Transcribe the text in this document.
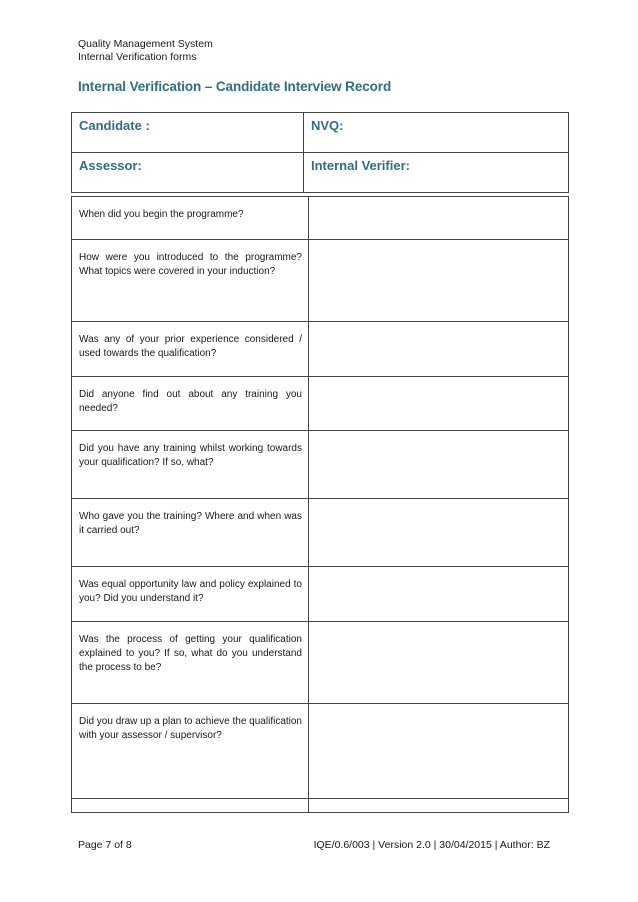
Quality Management System
Internal Verification forms
Internal Verification – Candidate Interview Record
Candidate :	NVQ:
Assessor:	Internal Verifier:
When did you begin the programme?	
How were you introduced to the programme? What topics were covered in your induction?	
Was any of your prior experience considered / used towards the qualification?	
Did anyone find out about any training you needed?	
Did you have any training whilst working towards your qualification? If so, what?	
Who gave you the training? Where and when was it carried out?	
Was equal opportunity law and policy explained to you? Did you understand it?	
Was the process of getting your qualification explained to you? If so, what do you understand the process to be?	
Did you draw up a plan to achieve the qualification with your assessor / supervisor?	

Page 7 of 8	IQE/0.6/003 | Version 2.0 | 30/04/2015 | Author: BZ
